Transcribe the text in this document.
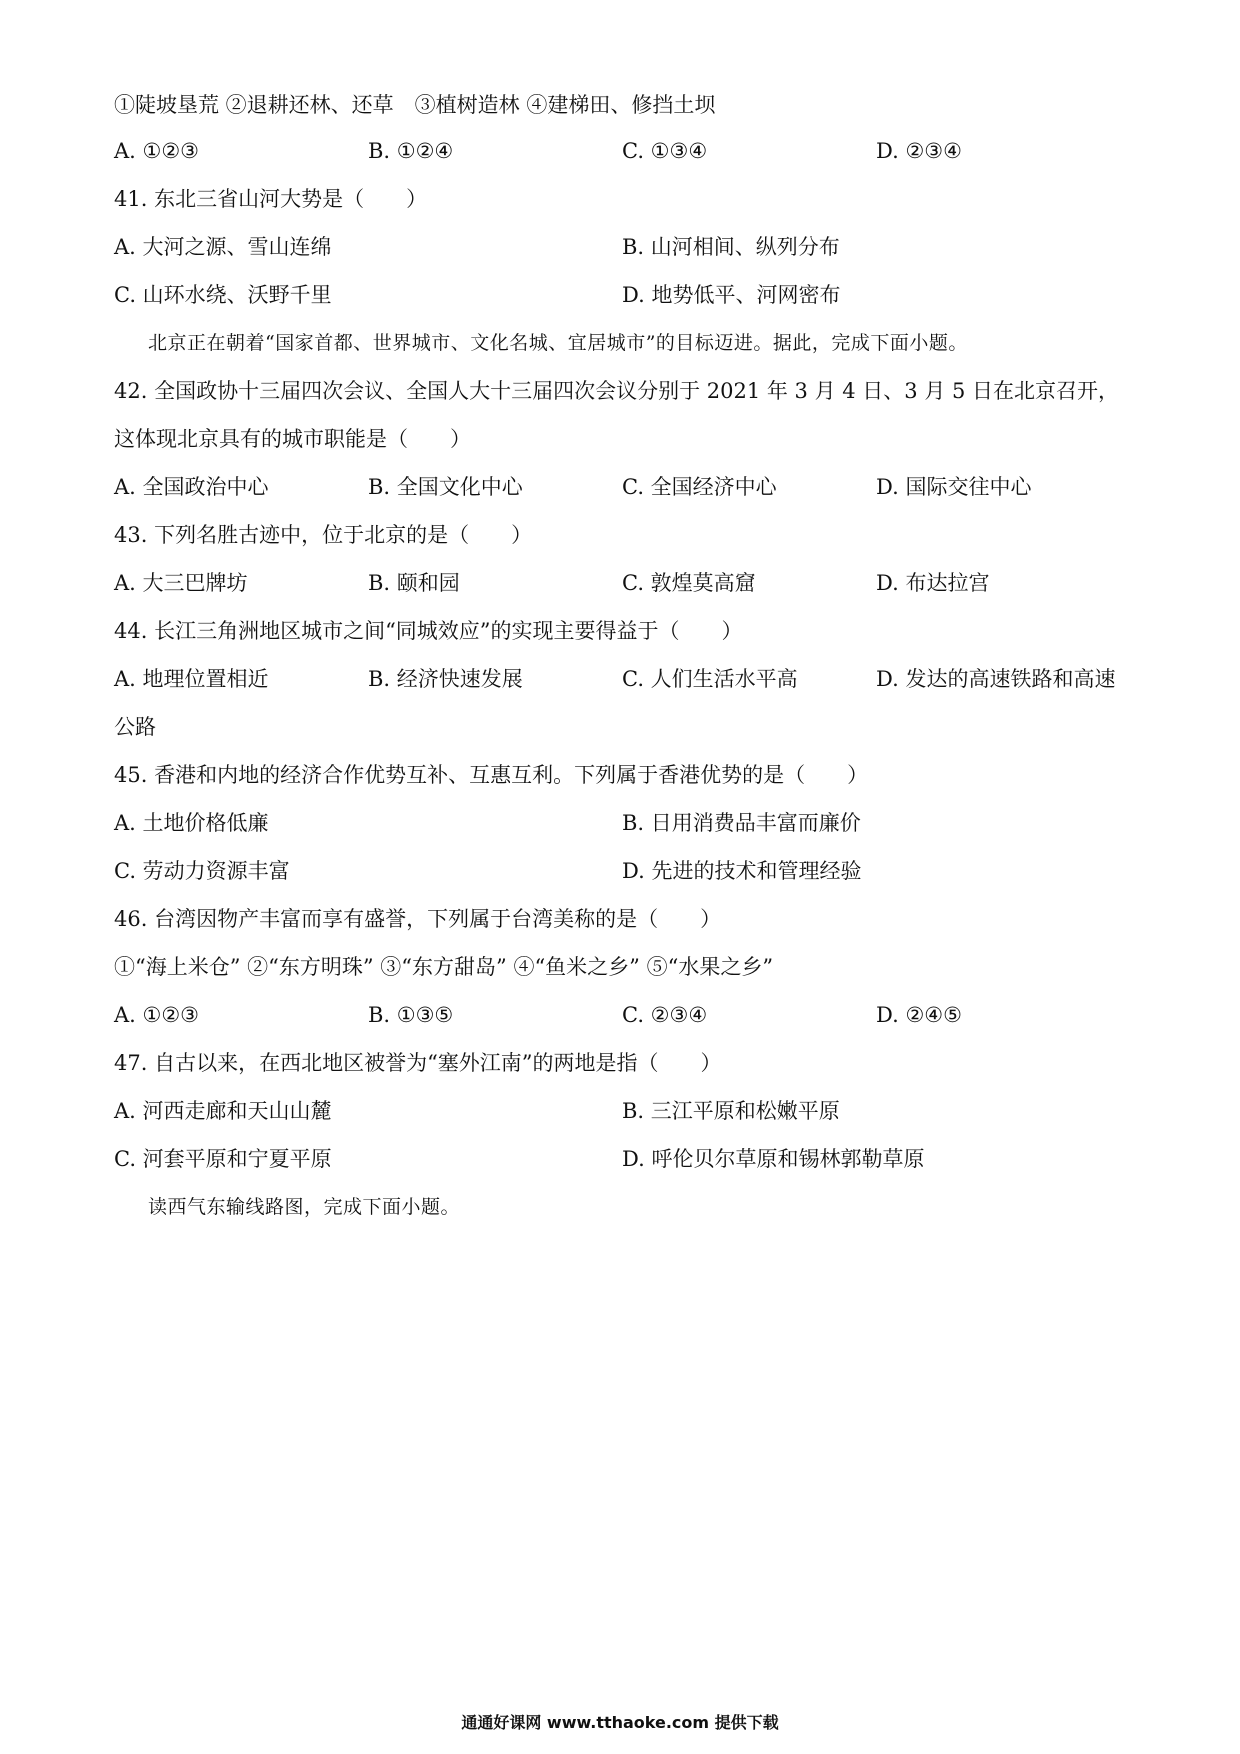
①陡坡垦荒 ②退耕还林、还草　③植树造林 ④建梯田、修挡土坝
A. ①②③	B. ①②④	C. ①③④	D. ②③④
41. 东北三省山河大势是（　　）
A. 大河之源、雪山连绵	B. 山河相间、纵列分布
C. 山环水绕、沃野千里	D. 地势低平、河网密布
北京正在朝着“国家首都、世界城市、文化名城、宜居城市”的目标迈进。据此，完成下面小题。
42. 全国政协十三届四次会议、全国人大十三届四次会议分别于 2021 年 3 月 4 日、3 月 5 日在北京召开，
这体现北京具有的城市职能是（　　）
A. 全国政治中心	B. 全国文化中心	C. 全国经济中心	D. 国际交往中心
43. 下列名胜古迹中，位于北京的是（　　）
A. 大三巴牌坊	B. 颐和园	C. 敦煌莫高窟	D. 布达拉宫
44. 长江三角洲地区城市之间“同城效应”的实现主要得益于（　　）
A. 地理位置相近	B. 经济快速发展	C. 人们生活水平高	D. 发达的高速铁路和高速
公路
45. 香港和内地的经济合作优势互补、互惠互利。下列属于香港优势的是（　　）
A. 土地价格低廉	B. 日用消费品丰富而廉价
C. 劳动力资源丰富	D. 先进的技术和管理经验
46. 台湾因物产丰富而享有盛誉，下列属于台湾美称的是（　　）
①“海上米仓” ②“东方明珠” ③“东方甜岛” ④“鱼米之乡” ⑤“水果之乡”
A. ①②③	B. ①③⑤	C. ②③④	D. ②④⑤
47. 自古以来，在西北地区被誉为“塞外江南”的两地是指（　　）
A. 河西走廊和天山山麓	B. 三江平原和松嫩平原
C. 河套平原和宁夏平原	D. 呼伦贝尔草原和锡林郭勒草原
读西气东输线路图，完成下面小题。
通通好课网 www.tthaoke.com 提供下载
